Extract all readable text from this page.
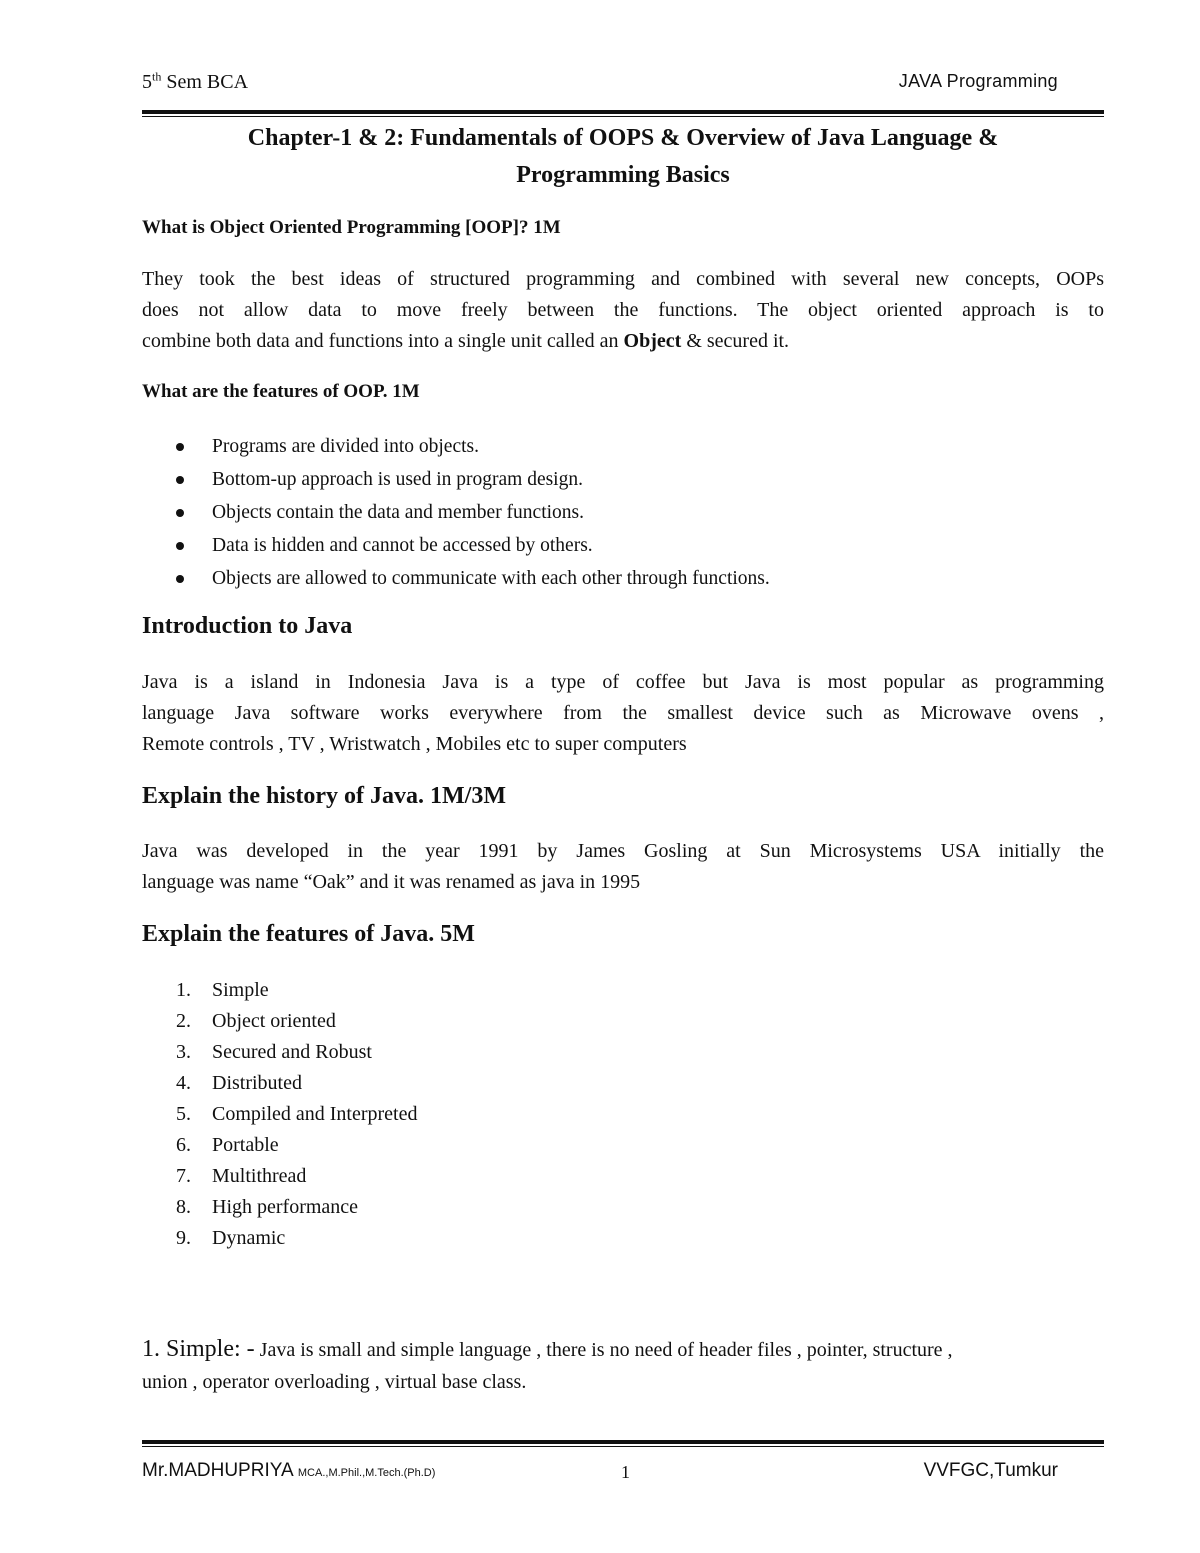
5th Sem BCA	JAVA Programming
Chapter-1 & 2: Fundamentals of OOPS & Overview of Java Language &
Programming Basics
What is Object Oriented Programming [OOP]? 1M
They took the best ideas of structured programming and combined with several new concepts, OOPs
does not allow data to move freely between the functions. The object oriented approach is to
combine both data and functions into a single unit called an Object & secured it.
What are the features of OOP. 1M
Programs are divided into objects.
Bottom-up approach is used in program design.
Objects contain the data and member functions.
Data is hidden and cannot be accessed by others.
Objects are allowed to communicate with each other through functions.
Introduction to Java
Java is a island in Indonesia Java is a type of coffee but Java is most popular as programming
language Java software works everywhere from the smallest device such as Microwave ovens ,
Remote controls , TV , Wristwatch , Mobiles etc to super computers
Explain the history of Java. 1M/3M
Java was developed in the year 1991 by James Gosling at Sun Microsystems USA initially the
language was name “Oak” and it was renamed as java in 1995
Explain the features of Java. 5M
1. Simple
2. Object oriented
3. Secured and Robust
4. Distributed
5. Compiled and Interpreted
6. Portable
7. Multithread
8. High performance
9. Dynamic
1. Simple: - Java is small and simple language , there is no need of header files , pointer, structure ,
union , operator overloading , virtual base class.
Mr.MADHUPRIYA MCA.,M.Phil.,M.Tech.(Ph.D)	1	VVFGC,Tumkur
